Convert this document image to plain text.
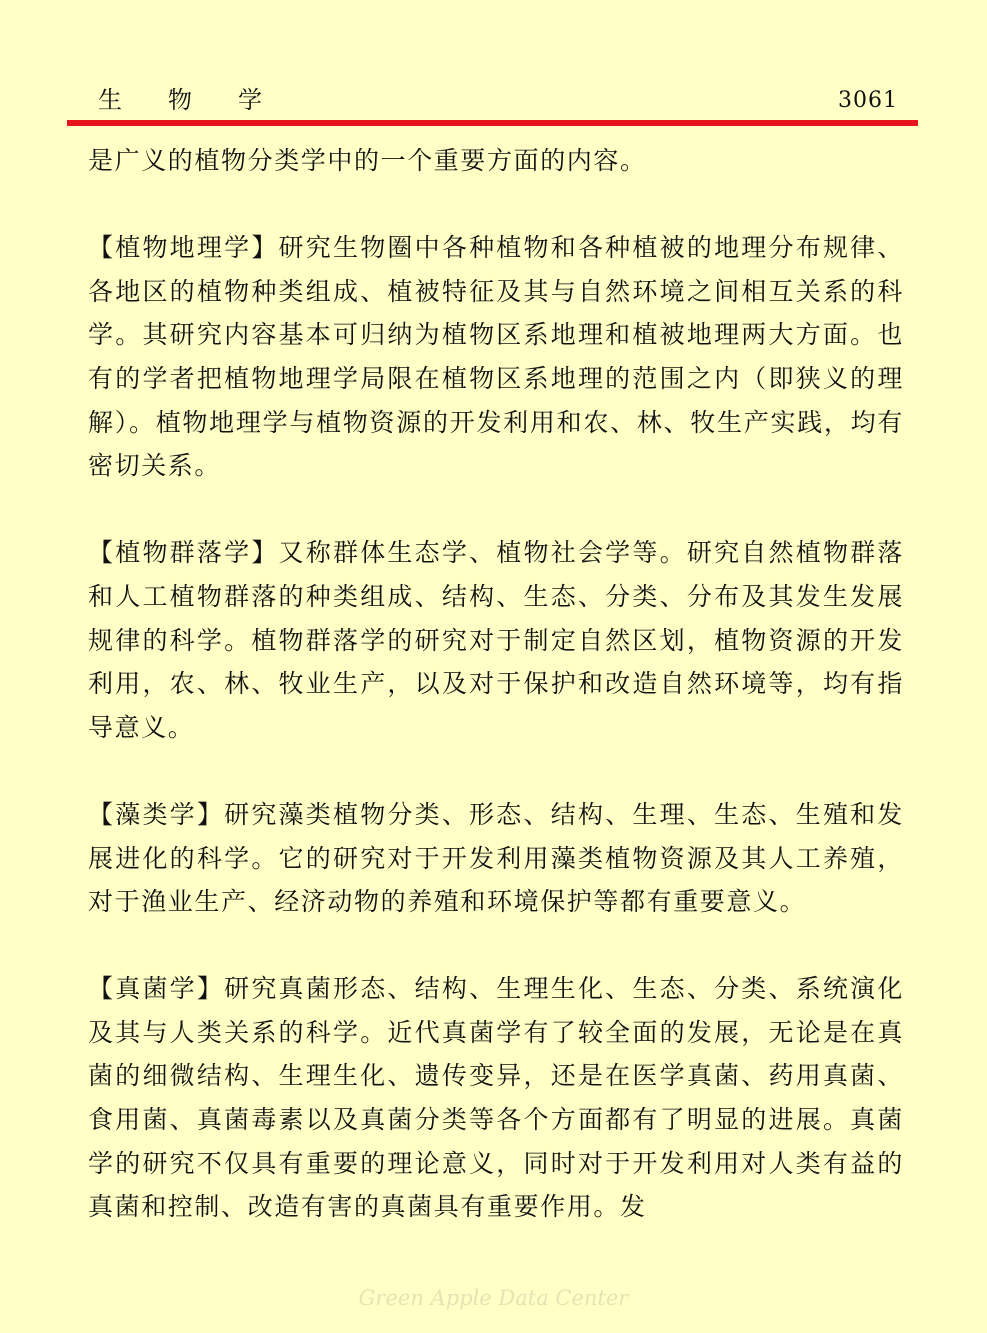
生物学	3061

是广义的植物分类学中的一个重要方面的内容。

【植物地理学】研究生物圈中各种植物和各种植被的地理分布规律、各地区的植物种类组成、植被特征及其与自然环境之间相互关系的科学。其研究内容基本可归纳为植物区系地理和植被地理两大方面。也有的学者把植物地理学局限在植物区系地理的范围之内（即狭义的理解）。植物地理学与植物资源的开发利用和农、林、牧生产实践，均有密切关系。

【植物群落学】又称群体生态学、植物社会学等。研究自然植物群落和人工植物群落的种类组成、结构、生态、分类、分布及其发生发展规律的科学。植物群落学的研究对于制定自然区划，植物资源的开发利用，农、林、牧业生产，以及对于保护和改造自然环境等，均有指导意义。

【藻类学】研究藻类植物分类、形态、结构、生理、生态、生殖和发展进化的科学。它的研究对于开发利用藻类植物资源及其人工养殖，对于渔业生产、经济动物的养殖和环境保护等都有重要意义。

【真菌学】研究真菌形态、结构、生理生化、生态、分类、系统演化及其与人类关系的科学。近代真菌学有了较全面的发展，无论是在真菌的细微结构、生理生化、遗传变异，还是在医学真菌、药用真菌、食用菌、真菌毒素以及真菌分类等各个方面都有了明显的进展。真菌学的研究不仅具有重要的理论意义，同时对于开发利用对人类有益的真菌和控制、改造有害的真菌具有重要作用。发

Green Apple Data Center
